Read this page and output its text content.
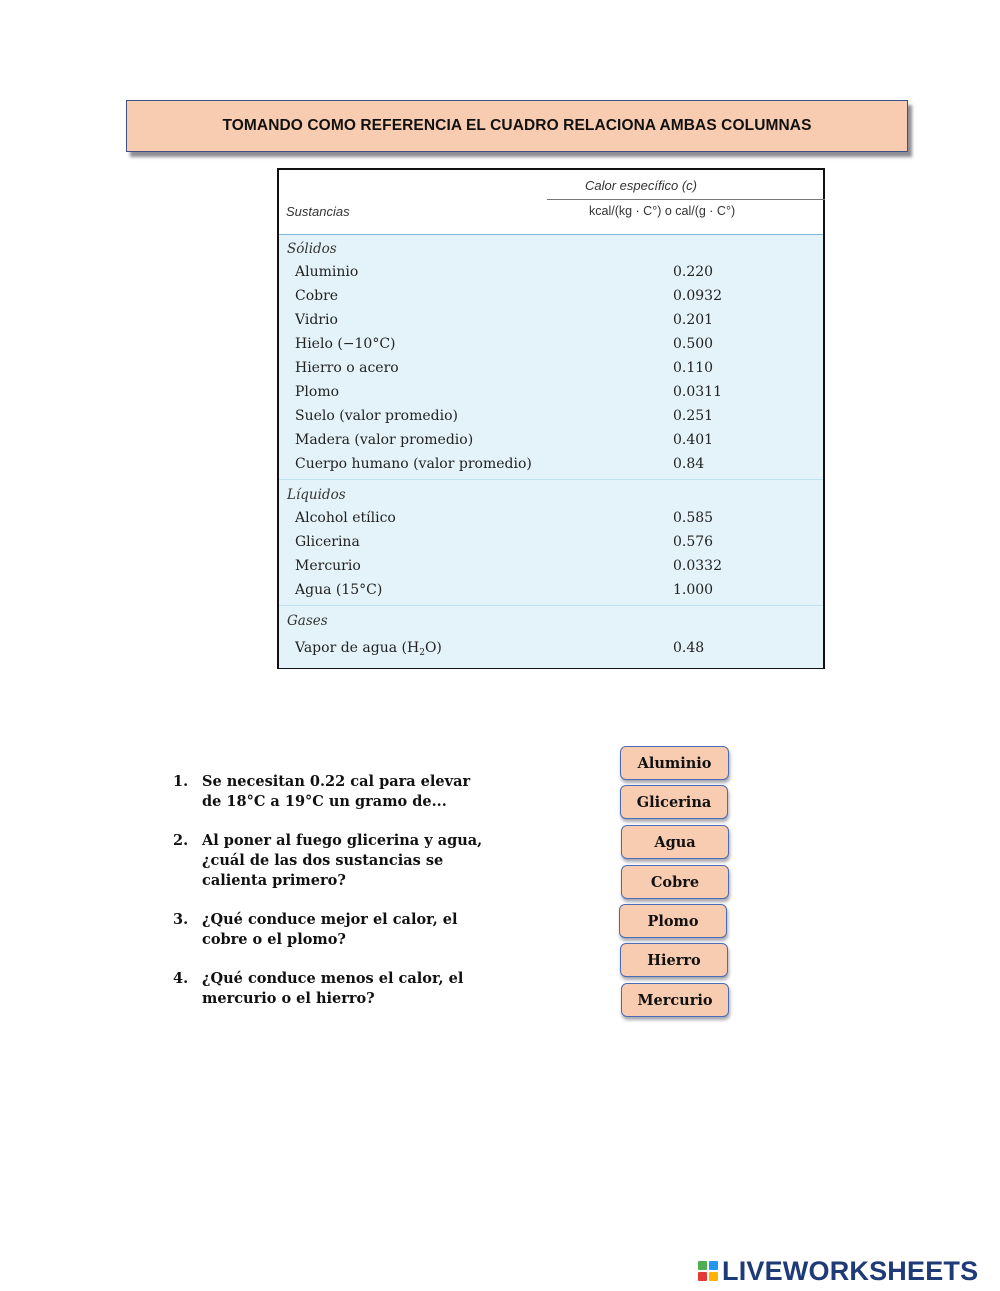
TOMANDO COMO REFERENCIA EL CUADRO RELACIONA AMBAS COLUMNAS
Calor específico (c)
Sustancias	kcal/(kg · C°) o cal/(g · C°)
Sólidos
Aluminio	0.220
Cobre	0.0932
Vidrio	0.201
Hielo (−10°C)	0.500
Hierro o acero	0.110
Plomo	0.0311
Suelo (valor promedio)	0.251
Madera (valor promedio)	0.401
Cuerpo humano (valor promedio)	0.84
Líquidos
Alcohol etílico	0.585
Glicerina	0.576
Mercurio	0.0332
Agua (15°C)	1.000
Gases
Vapor de agua $(H_2O)$	0.48
1. Se necesitan 0.22 cal para elevar
de 18°C a 19°C un gramo de...
2. Al poner al fuego glicerina y agua,
¿cuál de las dos sustancias se
calienta primero?
3. ¿Qué conduce mejor el calor, el
cobre o el plomo?
4. ¿Qué conduce menos el calor, el
mercurio o el hierro?
Aluminio
Glicerina
Agua
Cobre
Plomo
Hierro
Mercurio
LIVEWORKSHEETS
